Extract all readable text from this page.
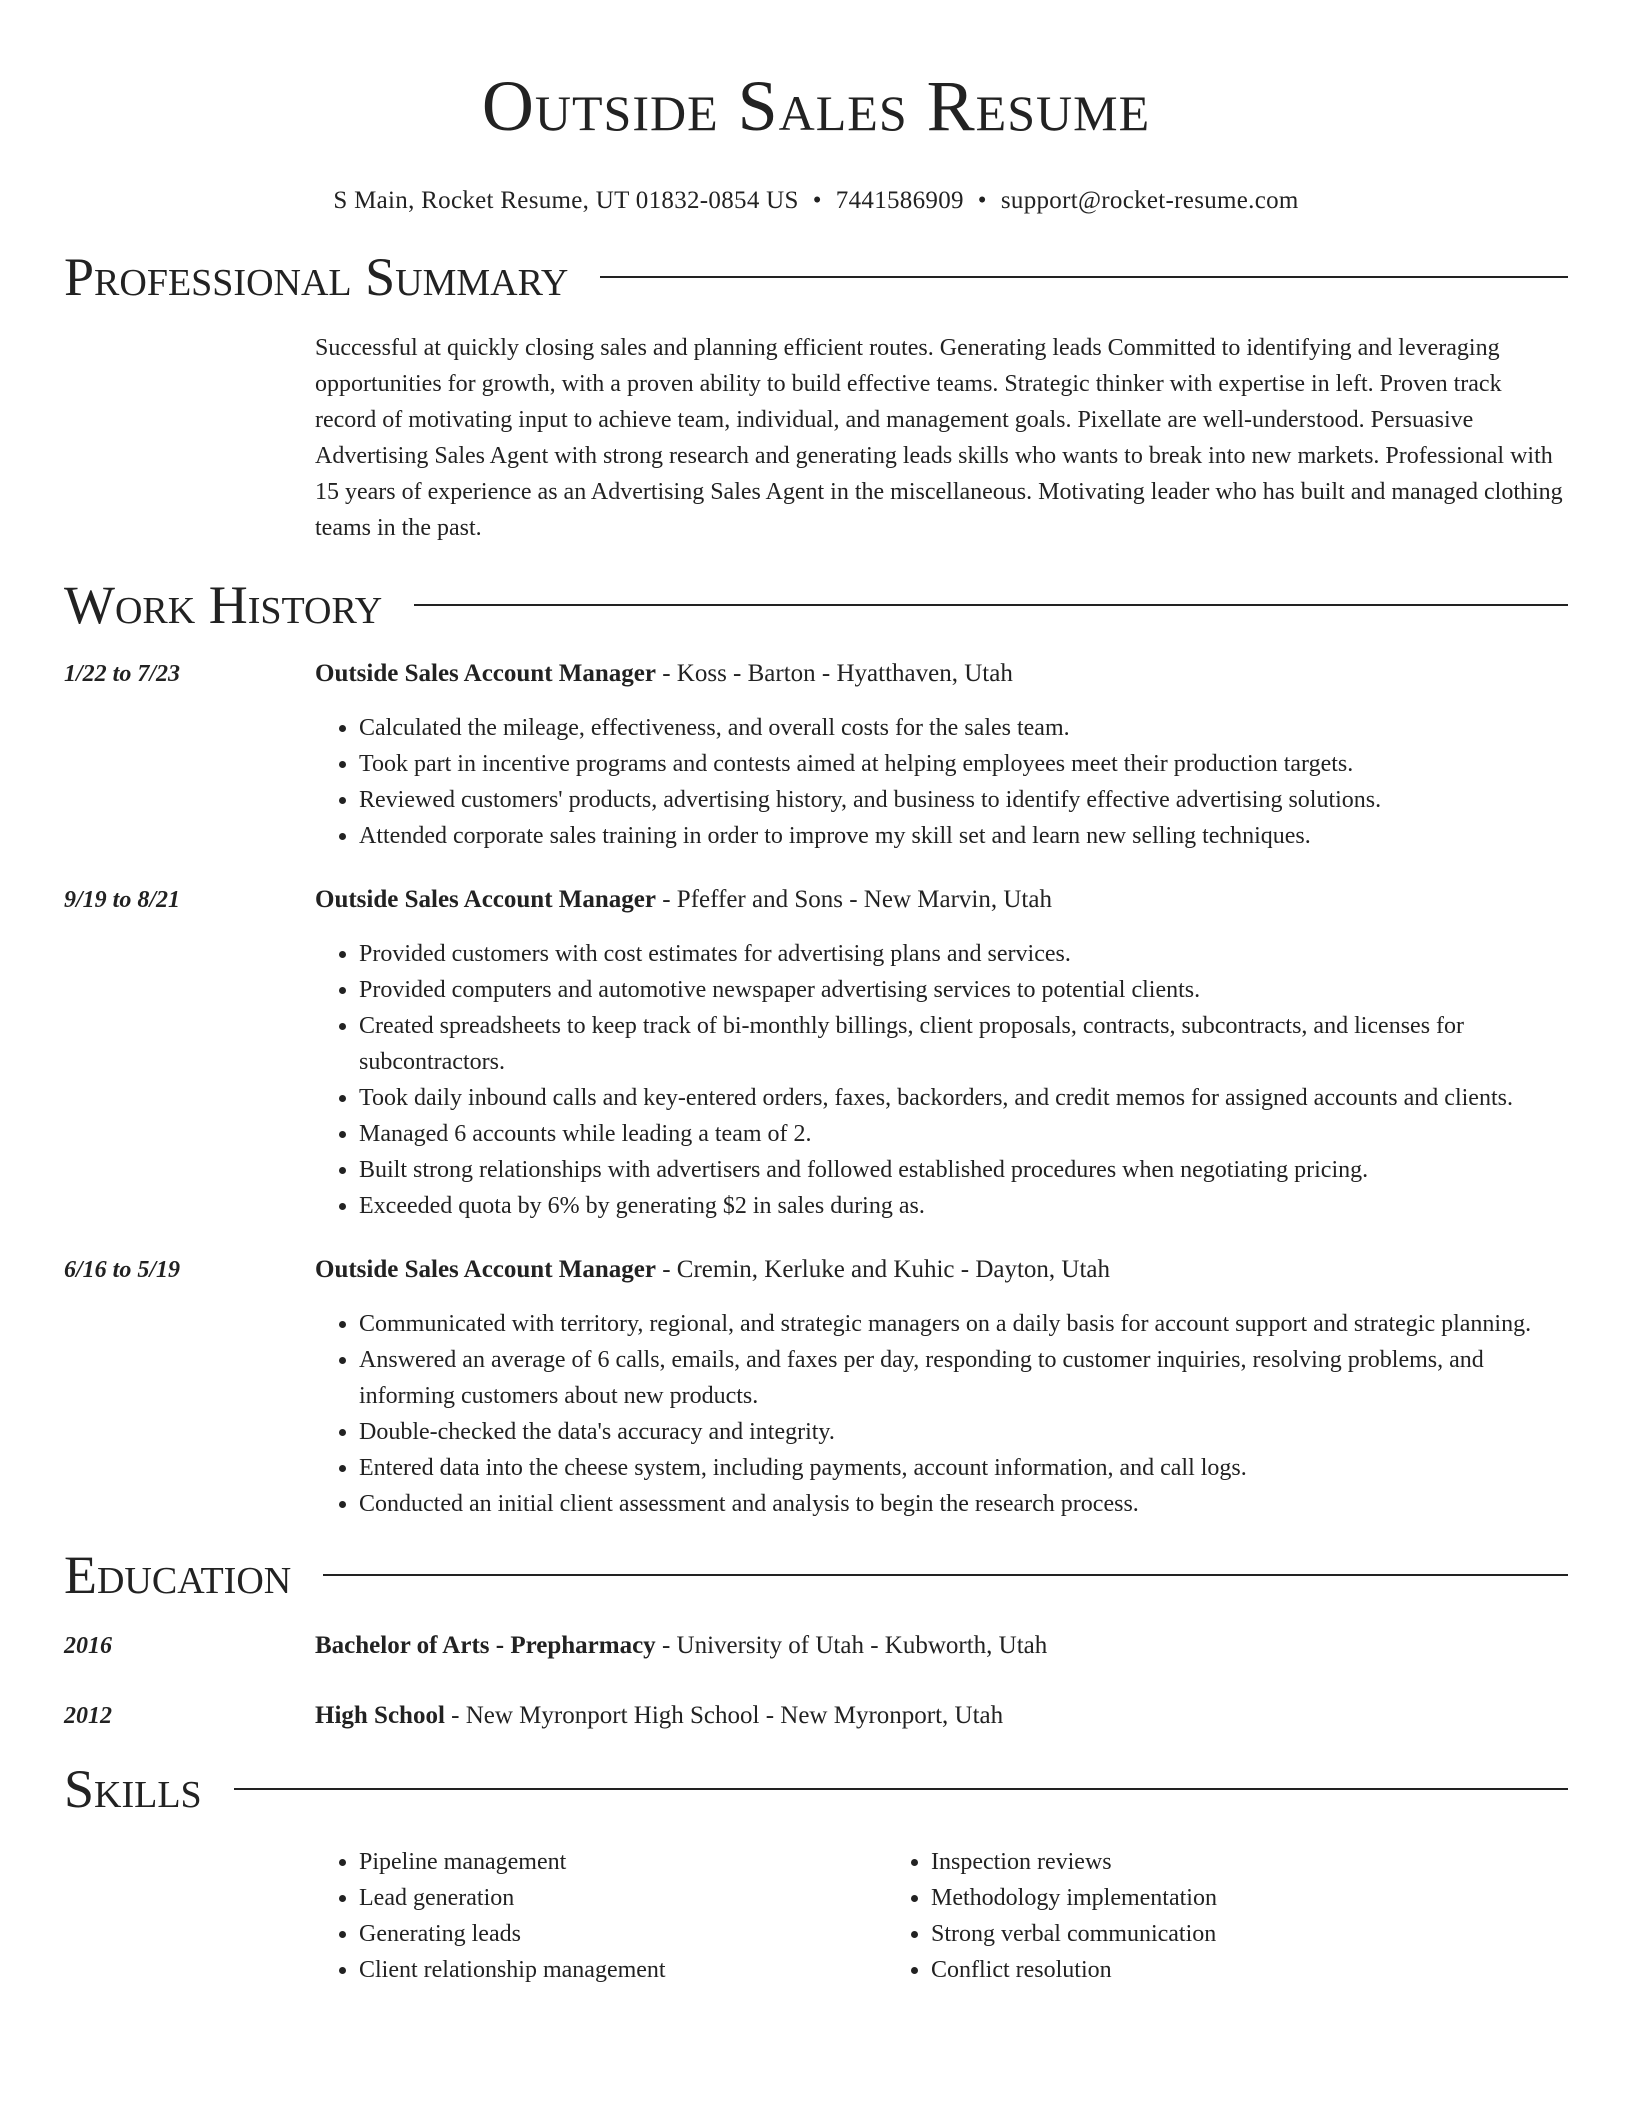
Outside Sales Resume
S Main, Rocket Resume, UT 01832-0854 US • 7441586909 • support@rocket-resume.com
Professional Summary

Successful at quickly closing sales and planning efficient routes. Generating leads Committed to identifying and leveraging opportunities for growth, with a proven ability to build effective teams. Strategic thinker with expertise in left. Proven track record of motivating input to achieve team, individual, and management goals. Pixellate are well-understood. Persuasive Advertising Sales Agent with strong research and generating leads skills who wants to break into new markets. Professional with 15 years of experience as an Advertising Sales Agent in the miscellaneous. Motivating leader who has built and managed clothing teams in the past.

Work History
1/22 to 7/23	Outside Sales Account Manager - Koss - Barton - Hyatthaven, Utah
• Calculated the mileage, effectiveness, and overall costs for the sales team.
• Took part in incentive programs and contests aimed at helping employees meet their production targets.
• Reviewed customers' products, advertising history, and business to identify effective advertising solutions.
• Attended corporate sales training in order to improve my skill set and learn new selling techniques.
9/19 to 8/21	Outside Sales Account Manager - Pfeffer and Sons - New Marvin, Utah
• Provided customers with cost estimates for advertising plans and services.
• Provided computers and automotive newspaper advertising services to potential clients.
• Created spreadsheets to keep track of bi-monthly billings, client proposals, contracts, subcontracts, and licenses for subcontractors.
• Took daily inbound calls and key-entered orders, faxes, backorders, and credit memos for assigned accounts and clients.
• Managed 6 accounts while leading a team of 2.
• Built strong relationships with advertisers and followed established procedures when negotiating pricing.
• Exceeded quota by 6% by generating $2 in sales during as.
6/16 to 5/19	Outside Sales Account Manager - Cremin, Kerluke and Kuhic - Dayton, Utah
• Communicated with territory, regional, and strategic managers on a daily basis for account support and strategic planning.
• Answered an average of 6 calls, emails, and faxes per day, responding to customer inquiries, resolving problems, and informing customers about new products.
• Double-checked the data's accuracy and integrity.
• Entered data into the cheese system, including payments, account information, and call logs.
• Conducted an initial client assessment and analysis to begin the research process.
Education
2016	Bachelor of Arts - Prepharmacy - University of Utah - Kubworth, Utah
2012	High School - New Myronport High School - New Myronport, Utah
Skills
• Pipeline management
• Lead generation
• Generating leads
• Client relationship management
• Inspection reviews
• Methodology implementation
• Strong verbal communication
• Conflict resolution
